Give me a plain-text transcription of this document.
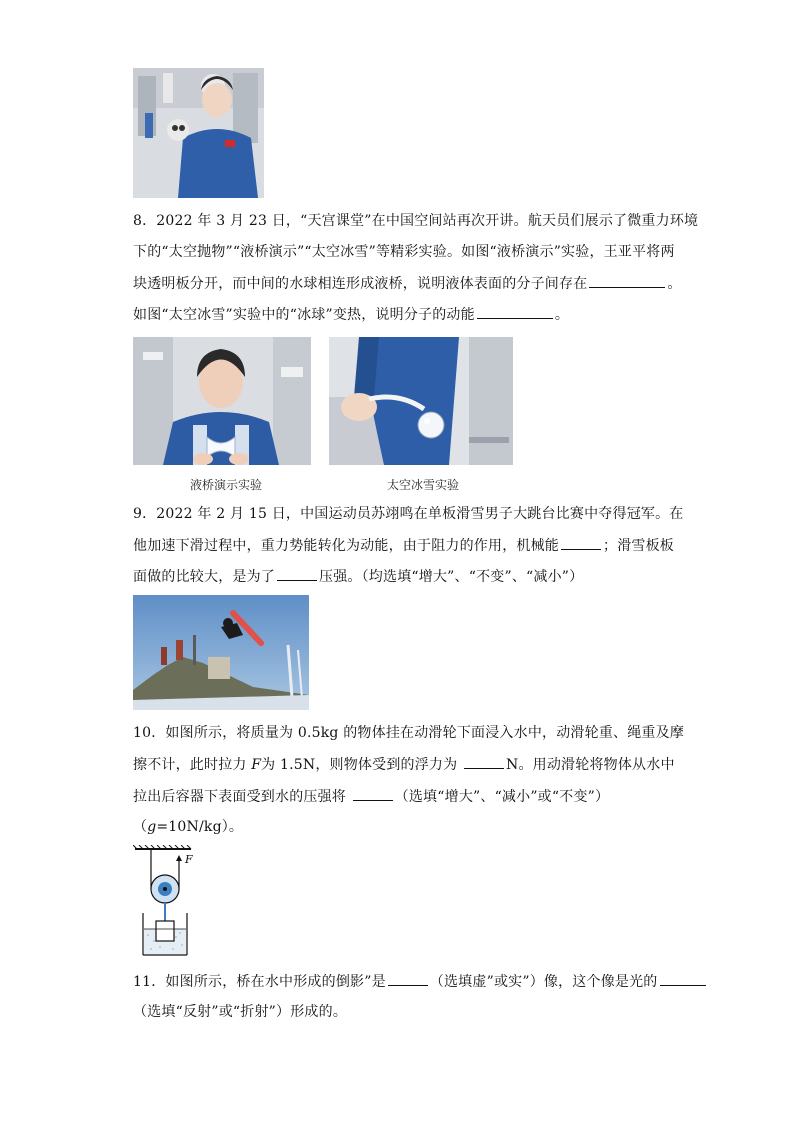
8．2022 年 3 月 23 日，“天宫课堂”在中国空间站再次开讲。航天员们展示了微重力环境
下的“太空抛物”“液桥演示”“太空冰雪”等精彩实验。如图“液桥演示”实验，王亚平将两
块透明板分开，而中间的水球相连形成液桥，说明液体表面的分子间存在	。
如图“太空冰雪”实验中的“冰球”变热，说明分子的动能	。
液桥演示实验	太空冰雪实验
9．2022 年 2 月 15 日，中国运动员苏翊鸣在单板滑雪男子大跳台比赛中夺得冠军。在
他加速下滑过程中，重力势能转化为动能，由于阻力的作用，机械能	；滑雪板板
面做的比较大，是为了	压强。（均选填“增大”、“不变”、“减小”）
10．如图所示，将质量为 0.5kg 的物体挂在动滑轮下面浸入水中，动滑轮重、绳重及摩
擦不计，此时拉力 F为 1.5N，则物体受到的浮力为	N。用动滑轮将物体从水中
拉出后容器下表面受到水的压强将	（选填“增大”、“减小”或“不变”）
（g=10N/kg）。
F
11．如图所示，桥在水中形成的倒影”是	（选填虚”或实”）像，这个像是光的
（选填“反射”或“折射”）形成的。
